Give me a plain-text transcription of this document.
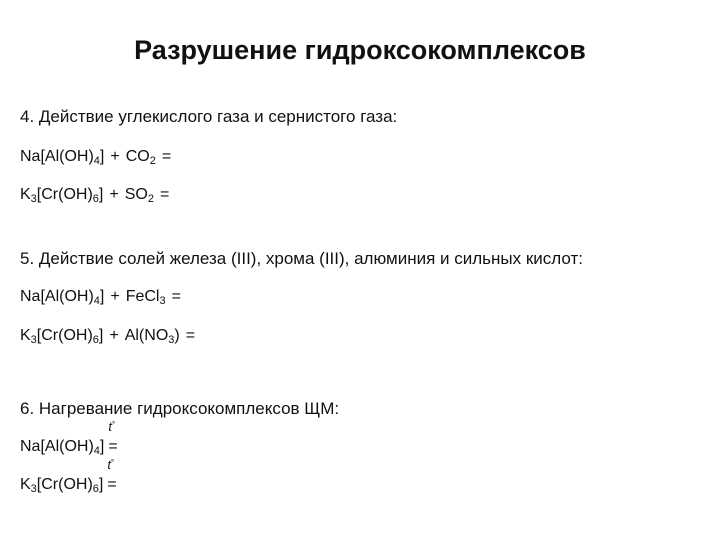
Разрушение гидроксокомплексов
4. Действие углекислого газа и сернистого газа:
$Na[Al(OH)_4] + CO_2$ =
$K_3[Cr(OH)_6] + SO_2$ =
5. Действие солей железа (III), хрома (III), алюминия и сильных кислот:
$Na[Al(OH)_4]$ + FeCl$_3$ =
$K_3[Cr(OH)_6] + Al(NO_3)$ =
6. Нагревание гидроксокомплексов ЩМ:
$Na[Al(OH)_4]$
t°
=
$K_3[Cr(OH)_6]$
t°
=
